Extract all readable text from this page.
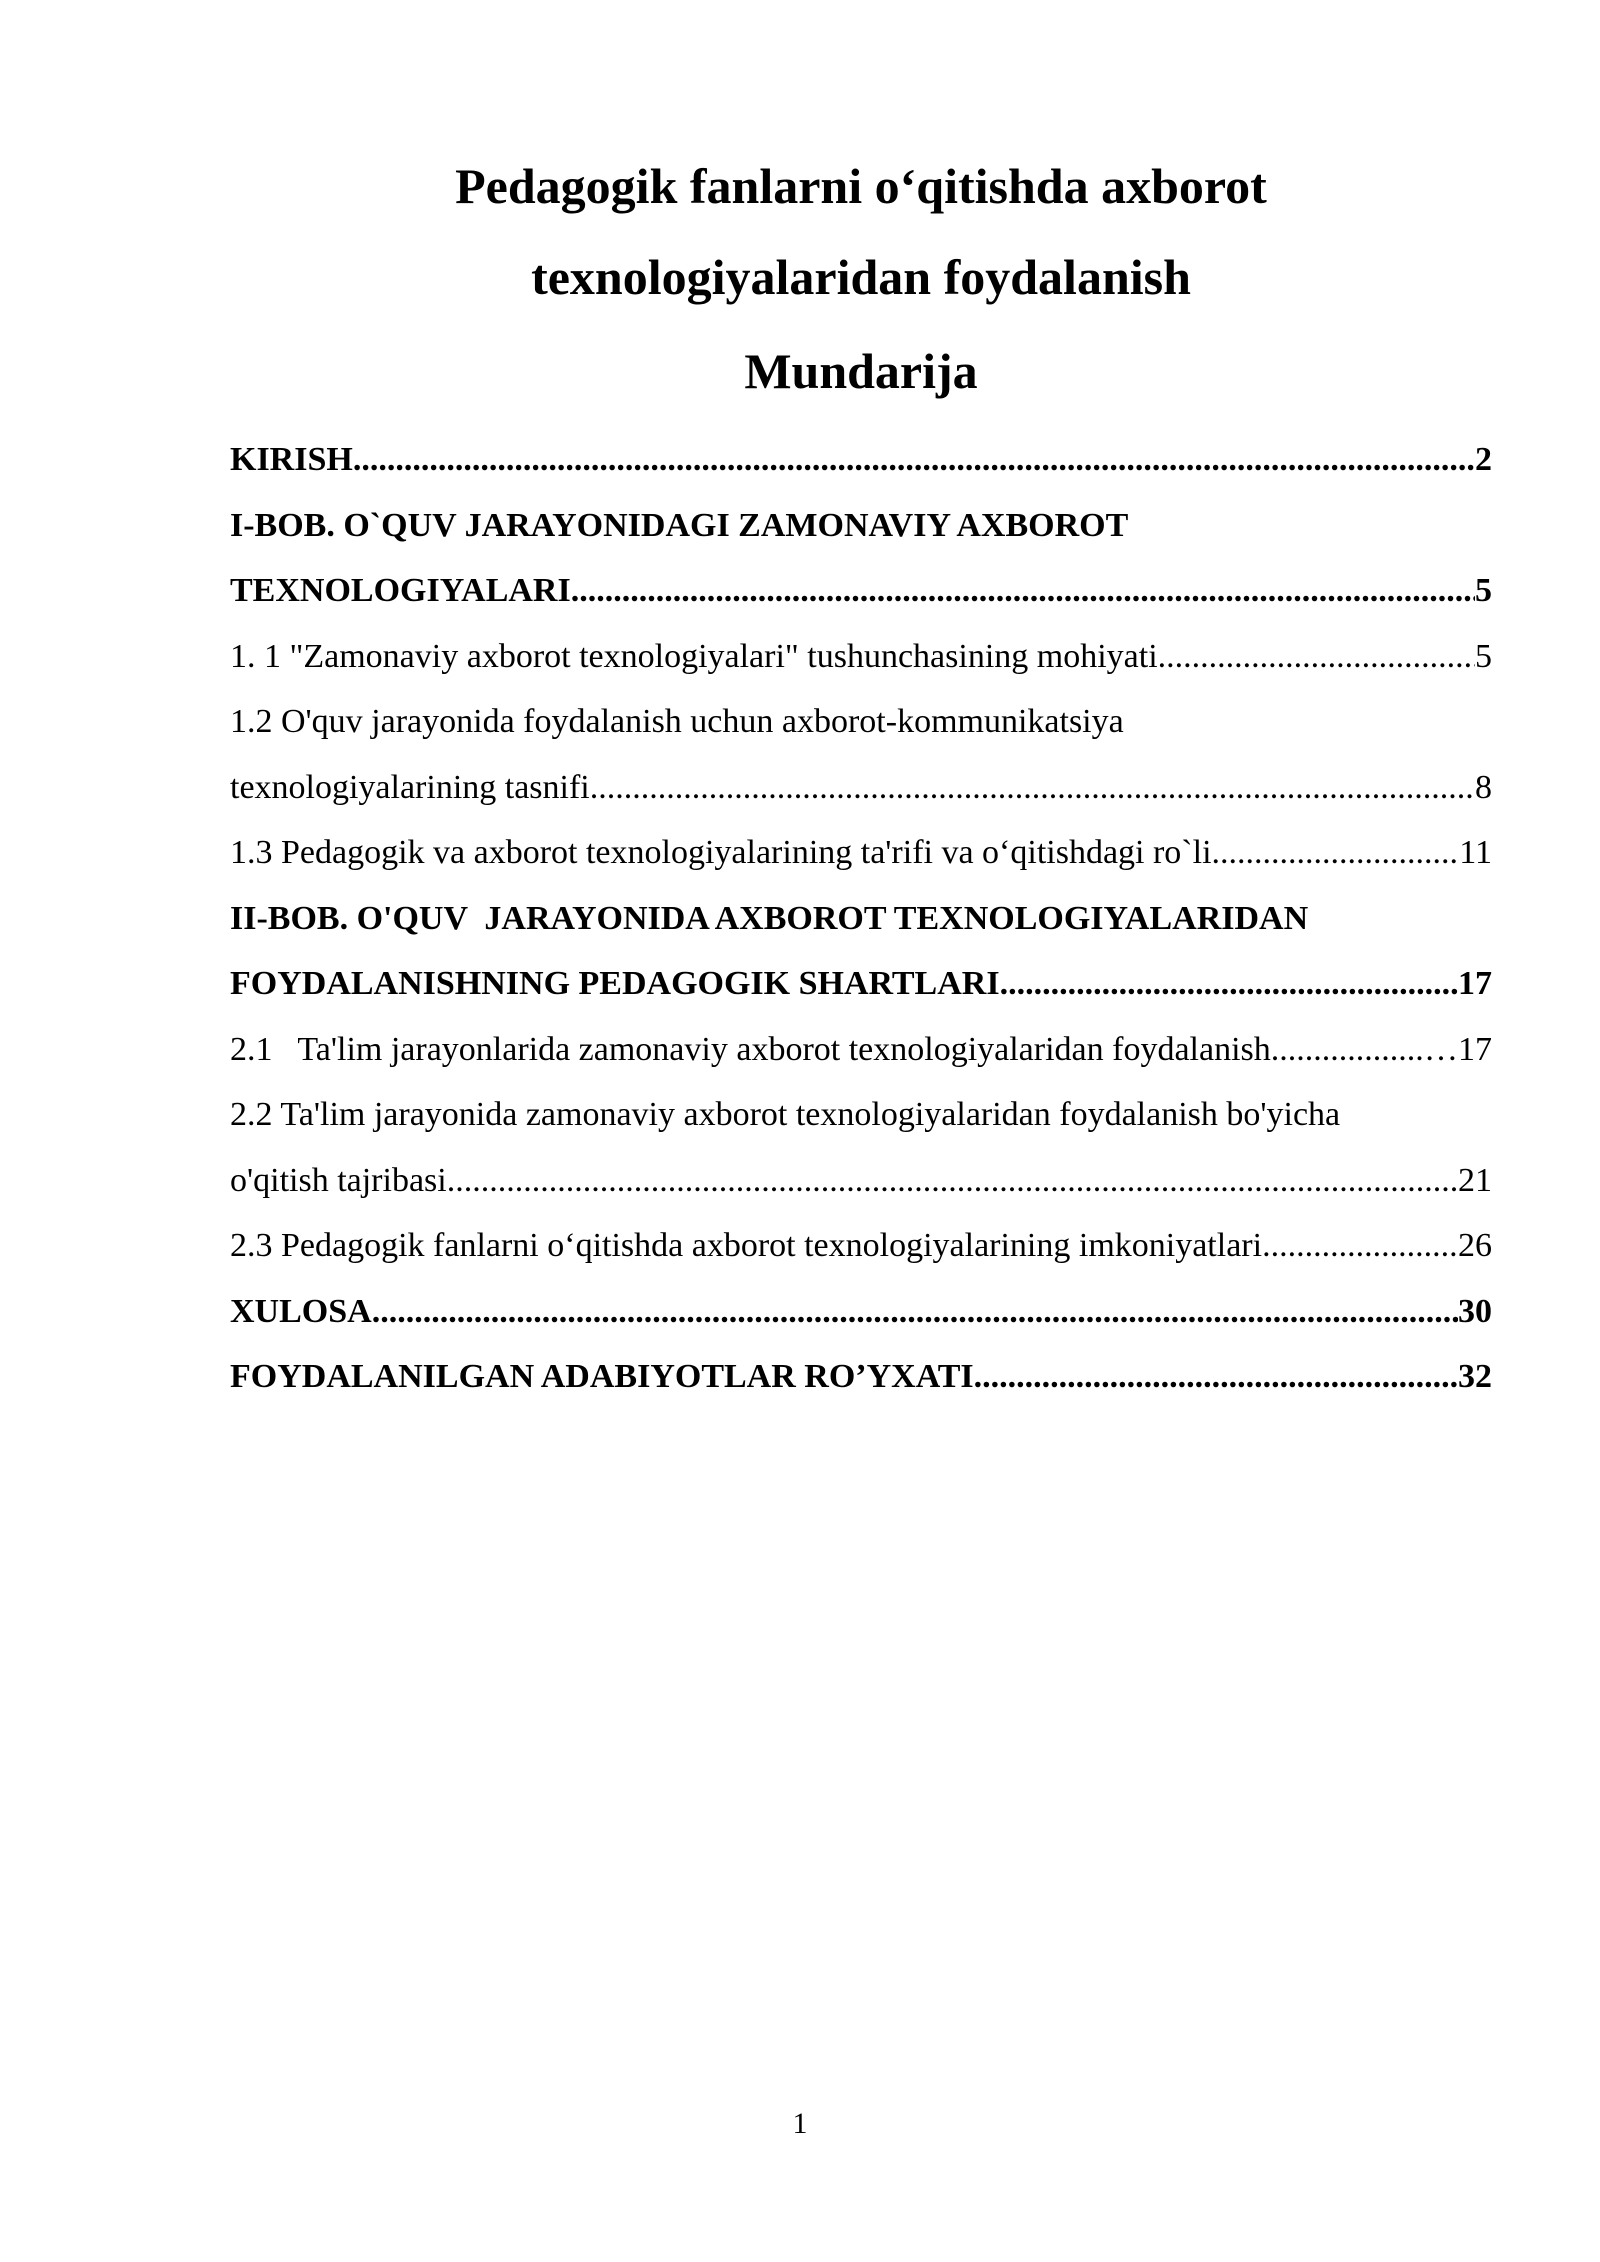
Pedagogik fanlarni o‘qitishda axborot
texnologiyalaridan foydalanish
Mundarija
KIRISH .....	2
I-BOB. O`QUV JARAYONIDAGI ZAMONAVIY AXBOROT
TEXNOLOGIYALARI .....	5
1. 1 "Zamonaviy axborot texnologiyalari" tushunchasining mohiyati .....	5
1.2 O'quv jarayonida foydalanish uchun axborot-kommunikatsiya
texnologiyalarining tasnifi .....	8
1.3 Pedagogik va axborot texnologiyalarining ta'rifi va o‘qitishdagi ro`li .....	11
II-BOB. O'QUV  JARAYONIDA AXBOROT TEXNOLOGIYALARIDAN
FOYDALANISHNING PEDAGOGIK SHARTLARI .....	17
2.1   Ta'lim jarayonlarida zamonaviy axborot texnologiyalaridan foydalanish. .....	…17
2.2 Ta'lim jarayonida zamonaviy axborot texnologiyalaridan foydalanish bo'yicha
o'qitish tajribasi .....	21
2.3 Pedagogik fanlarni o‘qitishda axborot texnologiyalarining imkoniyatlari .....	26
XULOSA .....	30
FOYDALANILGAN ADABIYOTLAR RO’YXATI .....	32
1
